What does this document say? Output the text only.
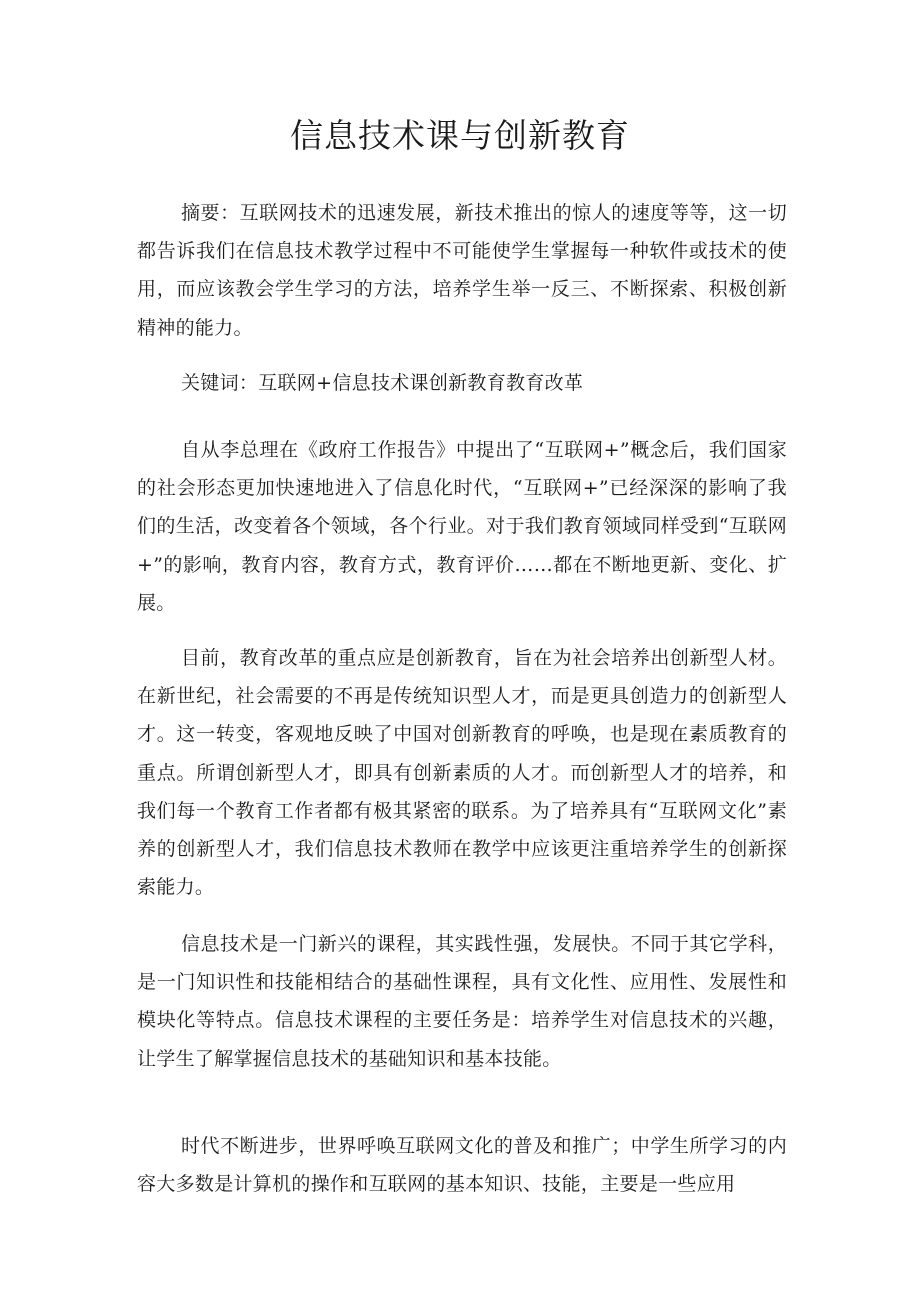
信息技术课与创新教育

摘要：互联网技术的迅速发展，新技术推出的惊人的速度等等，这一切都告诉我们在信息技术教学过程中不可能使学生掌握每一种软件或技术的使用，而应该教会学生学习的方法，培养学生举一反三、不断探索、积极创新精神的能力。

关键词：互联网+信息技术课创新教育教育改革

自从李总理在《政府工作报告》中提出了“互联网+”概念后，我们国家的社会形态更加快速地进入了信息化时代，“互联网+”已经深深的影响了我们的生活，改变着各个领域，各个行业。对于我们教育领域同样受到“互联网+”的影响，教育内容，教育方式，教育评价……都在不断地更新、变化、扩展。

目前，教育改革的重点应是创新教育，旨在为社会培养出创新型人材。在新世纪，社会需要的不再是传统知识型人才，而是更具创造力的创新型人才。这一转变，客观地反映了中国对创新教育的呼唤，也是现在素质教育的重点。所谓创新型人才，即具有创新素质的人才。而创新型人才的培养，和我们每一个教育工作者都有极其紧密的联系。为了培养具有“互联网文化”素养的创新型人才，我们信息技术教师在教学中应该更注重培养学生的创新探索能力。

信息技术是一门新兴的课程，其实践性强，发展快。不同于其它学科，是一门知识性和技能相结合的基础性课程，具有文化性、应用性、发展性和模块化等特点。信息技术课程的主要任务是：培养学生对信息技术的兴趣，让学生了解掌握信息技术的基础知识和基本技能。

时代不断进步，世界呼唤互联网文化的普及和推广；中学生所学习的内容大多数是计算机的操作和互联网的基本知识、技能，主要是一些应用
